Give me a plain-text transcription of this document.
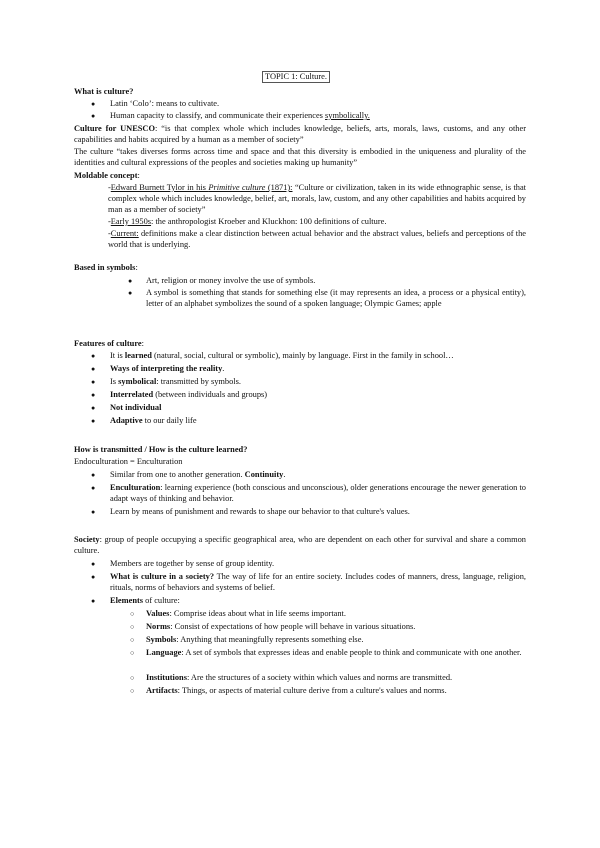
TOPIC 1: Culture.

What is culture?

● Latin ‘Colo’: means to cultivate.

● Human capacity to classify, and communicate their experiences symbolically.

Culture for UNESCO: “is that complex whole which includes knowledge, beliefs, arts, morals, laws, customs, and any other capabilities and habits acquired by a human as a member of society”

The culture “takes diverses forms across time and space and that this diversity is embodied in the uniqueness and plurality of the identities and cultural expressions of the peoples and societies making up humanity”

Moldable concept:

-Edward Burnett Tylor in his Primitive culture (1871): “Culture or civilization, taken in its wide ethnographic sense, is that complex whole which includes knowledge, belief, art, morals, law, custom, and any other capabilities and habits acquired by man as a member of society”

-Early 1950s: the anthropologist Kroeber and Kluckhon: 100 definitions of culture.

-Current: definitions make a clear distinction between actual behavior and the abstract values, beliefs and perceptions of the world that is underlying.

Based in symbols:

● Art, religion or money involve the use of symbols.

● A symbol is something that stands for something else (it may represents an idea, a process or a physical entity), letter of an alphabet symbolizes the sound of a spoken language; Olympic Games; apple

Features of culture:

● It is learned (natural, social, cultural or symbolic), mainly by language. First in the family in school…

● Ways of interpreting the reality.

● Is symbolical: transmitted by symbols.

● Interrelated (between individuals and groups)

● Not individual

● Adaptive to our daily life

How is transmitted / How is the culture learned?

Endoculturation = Enculturation

● Similar from one to another generation. Continuity.

● Enculturation: learning experience (both conscious and unconscious), older generations encourage the newer generation to adapt ways of thinking and behavior.

● Learn by means of punishment and rewards to shape our behavior to that culture's values.

Society: group of people occupying a specific geographical area, who are dependent on each other for survival and share a common culture.

● Members are together by sense of group identity.

● What is culture in a society? The way of life for an entire society. Includes codes of manners, dress, language, religion, rituals, norms of behaviors and systems of belief.

● Elements of culture:

○ Values: Comprise ideas about what in life seems important.

○ Norms: Consist of expectations of how people will behave in various situations.

○ Symbols: Anything that meaningfully represents something else.

○ Language: A set of symbols that expresses ideas and enable people to think and communicate with one another.

○ Institutions: Are the structures of a society within which values and norms are transmitted.

○ Artifacts: Things, or aspects of material culture derive from a culture's values and norms.
